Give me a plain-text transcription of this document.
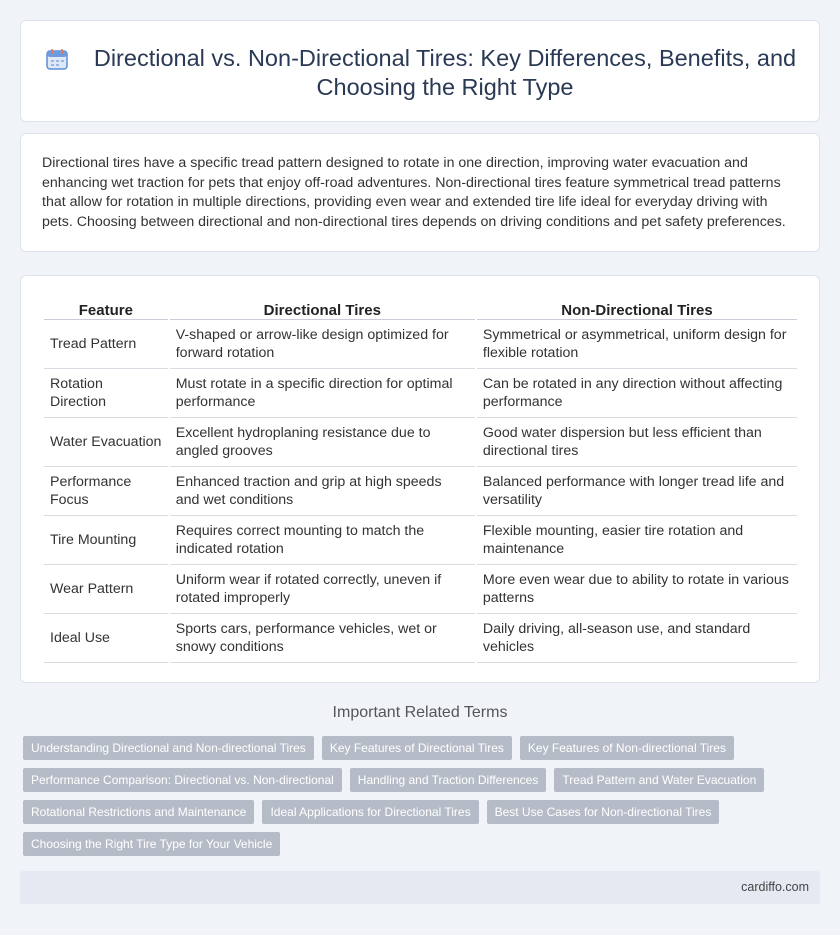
Directional vs. Non-Directional Tires: Key Differences, Benefits, and Choosing the Right Type

Directional tires have a specific tread pattern designed to rotate in one direction, improving water evacuation and enhancing wet traction for pets that enjoy off-road adventures. Non-directional tires feature symmetrical tread patterns that allow for rotation in multiple directions, providing even wear and extended tire life ideal for everyday driving with pets. Choosing between directional and non-directional tires depends on driving conditions and pet safety preferences.

Feature	Directional Tires	Non-Directional Tires
Tread Pattern	V-shaped or arrow-like design optimized for forward rotation	Symmetrical or asymmetrical, uniform design for flexible rotation
Rotation Direction	Must rotate in a specific direction for optimal performance	Can be rotated in any direction without affecting performance
Water Evacuation	Excellent hydroplaning resistance due to angled grooves	Good water dispersion but less efficient than directional tires
Performance Focus	Enhanced traction and grip at high speeds and wet conditions	Balanced performance with longer tread life and versatility
Tire Mounting	Requires correct mounting to match the indicated rotation	Flexible mounting, easier tire rotation and maintenance
Wear Pattern	Uniform wear if rotated correctly, uneven if rotated improperly	More even wear due to ability to rotate in various patterns
Ideal Use	Sports cars, performance vehicles, wet or snowy conditions	Daily driving, all-season use, and standard vehicles
Important Related Terms
Understanding Directional and Non-directional Tires	Key Features of Directional Tires	Key Features of Non-directional Tires
Performance Comparison: Directional vs. Non-directional	Handling and Traction Differences	Tread Pattern and Water Evacuation
Rotational Restrictions and Maintenance	Ideal Applications for Directional Tires	Best Use Cases for Non-directional Tires
Choosing the Right Tire Type for Your Vehicle
cardiffo.com
